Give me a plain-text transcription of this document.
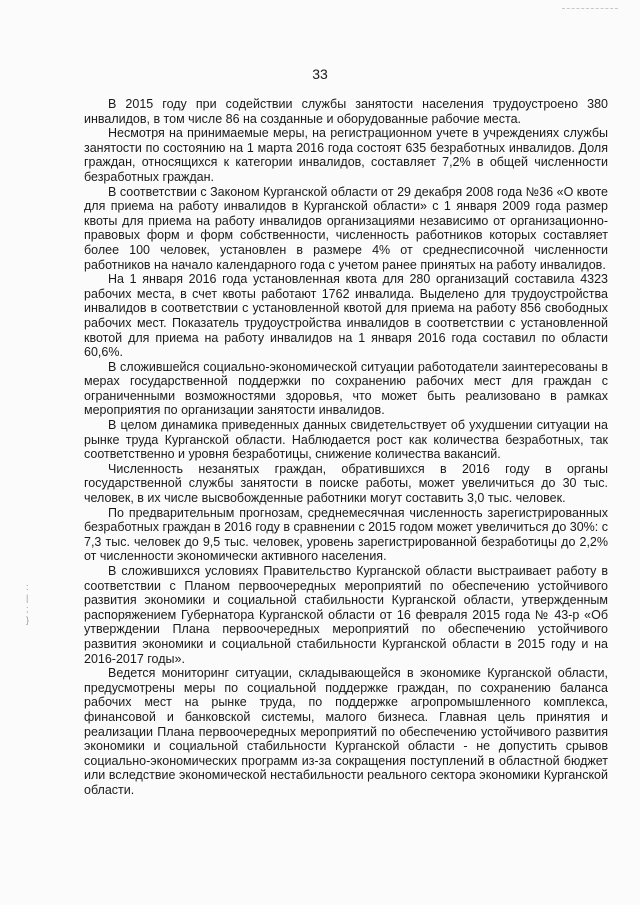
:
|
;
}
33

В 2015 году при содействии службы занятости населения трудоустроено 380 инвалидов, в том числе 86 на созданные и оборудованные рабочие места.

Несмотря на принимаемые меры, на регистрационном учете в учреждениях службы занятости по состоянию на 1 марта 2016 года состоят 635 безработных инвалидов. Доля граждан, относящихся к категории инвалидов, составляет 7,2% в общей численности безработных граждан.

В соответствии с Законом Курганской области от 29 декабря 2008 года №36 «О квоте для приема на работу инвалидов в Курганской области» с 1 января 2009 года размер квоты для приема на работу инвалидов организациями независимо от организационно-правовых форм и форм собственности, численность работников которых составляет более 100 человек, установлен в размере 4% от среднесписочной численности работников на начало календарного года с учетом ранее принятых на работу инвалидов.

На 1 января 2016 года установленная квота для 280 организаций составила 4323 рабочих места, в счет квоты работают 1762 инвалида. Выделено для трудоустройства инвалидов в соответствии с установленной квотой для приема на работу 856 свободных рабочих мест. Показатель трудоустройства инвалидов в соответствии с установленной квотой для приема на работу инвалидов на 1 января 2016 года составил по области 60,6%.

В сложившейся социально-экономической ситуации работодатели заинтересованы в мерах государственной поддержки по сохранению рабочих мест для граждан с ограниченными возможностями здоровья, что может быть реализовано в рамках мероприятия по организации занятости инвалидов.

В целом динамика приведенных данных свидетельствует об ухудшении ситуации на рынке труда Курганской области. Наблюдается рост как количества безработных, так соответственно и уровня безработицы, снижение количества вакансий.

Численность незанятых граждан, обратившихся в 2016 году в органы государственной службы занятости в поиске работы, может увеличиться до 30 тыс. человек, в их числе высвобожденные работники могут составить 3,0 тыс. человек.

По предварительным прогнозам, среднемесячная численность зарегистрированных безработных граждан в 2016 году в сравнении с 2015 годом может увеличиться до 30%: с 7,3 тыс. человек до 9,5 тыс. человек, уровень зарегистрированной безработицы до 2,2% от численности экономически активного населения.

В сложившихся условиях Правительство Курганской области выстраивает работу в соответствии с Планом первоочередных мероприятий по обеспечению устойчивого развития экономики и социальной стабильности Курганской области, утвержденным распоряжением Губернатора Курганской области от 16 февраля 2015 года № 43-р «Об утверждении Плана первоочередных мероприятий по обеспечению устойчивого развития экономики и социальной стабильности Курганской области в 2015 году и на 2016-2017 годы».

Ведется мониторинг ситуации, складывающейся в экономике Курганской области, предусмотрены меры по социальной поддержке граждан, по сохранению баланса рабочих мест на рынке труда, по поддержке агропромышленного комплекса, финансовой и банковской системы, малого бизнеса. Главная цель принятия и реализации Плана первоочередных мероприятий по обеспечению устойчивого развития экономики и социальной стабильности Курганской области - не допустить срывов социально-экономических программ из-за сокращения поступлений в областной бюджет или вследствие экономической нестабильности реального сектора экономики Курганской области.
